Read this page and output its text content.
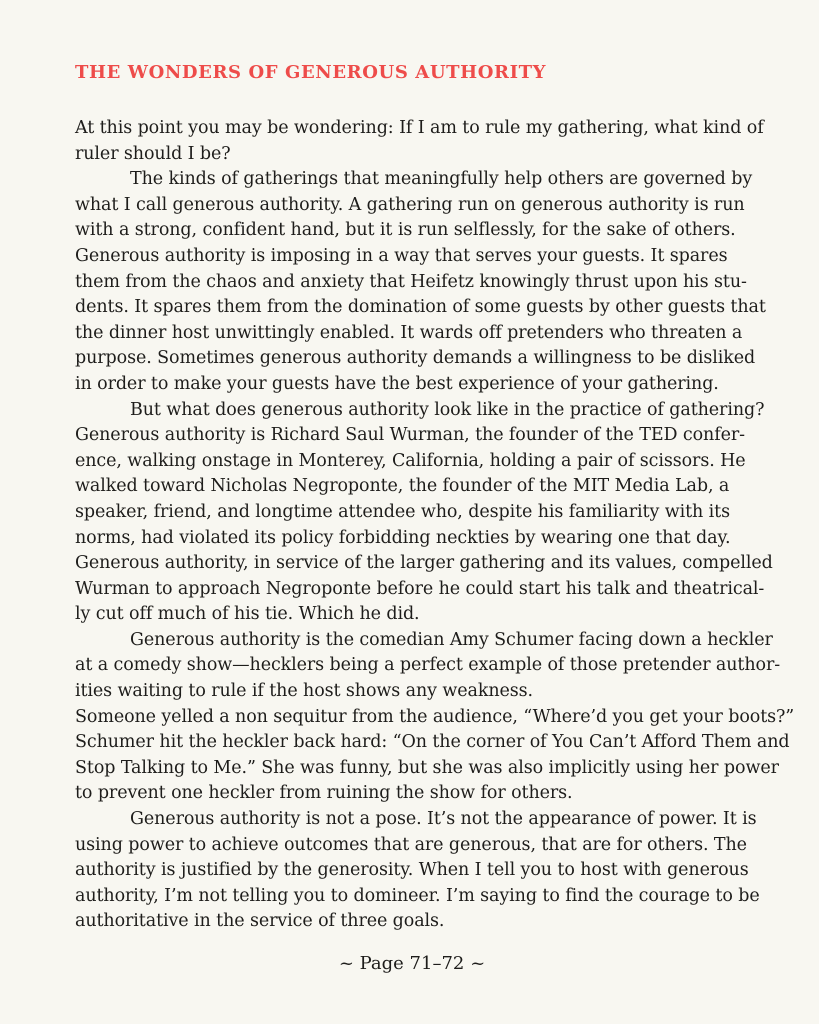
THE WONDERS OF GENEROUS AUTHORITY
At this point you may be wondering: If I am to rule my gathering, what kind of
ruler should I be?
The kinds of gatherings that meaningfully help others are governed by
what I call generous authority. A gathering run on generous authority is run
with a strong, confident hand, but it is run selflessly, for the sake of others.
Generous authority is imposing in a way that serves your guests. It spares
them from the chaos and anxiety that Heifetz knowingly thrust upon his stu-
dents. It spares them from the domination of some guests by other guests that
the dinner host unwittingly enabled. It wards off pretenders who threaten a
purpose. Sometimes generous authority demands a willingness to be disliked
in order to make your guests have the best experience of your gathering.
But what does generous authority look like in the practice of gathering?
Generous authority is Richard Saul Wurman, the founder of the TED confer-
ence, walking onstage in Monterey, California, holding a pair of scissors. He
walked toward Nicholas Negroponte, the founder of the MIT Media Lab, a
speaker, friend, and longtime attendee who, despite his familiarity with its
norms, had violated its policy forbidding neckties by wearing one that day.
Generous authority, in service of the larger gathering and its values, compelled
Wurman to approach Negroponte before he could start his talk and theatrical-
ly cut off much of his tie. Which he did.
Generous authority is the comedian Amy Schumer facing down a heckler
at a comedy show—hecklers being a perfect example of those pretender author-
ities waiting to rule if the host shows any weakness.
Someone yelled a non sequitur from the audience, “Where’d you get your boots?”
Schumer hit the heckler back hard: “On the corner of You Can’t Afford Them and
Stop Talking to Me.” She was funny, but she was also implicitly using her power
to prevent one heckler from ruining the show for others.
Generous authority is not a pose. It’s not the appearance of power. It is
using power to achieve outcomes that are generous, that are for others. The
authority is justified by the generosity. When I tell you to host with generous
authority, I’m not telling you to domineer. I’m saying to find the courage to be
authoritative in the service of three goals.
~ Page 71–72 ~
